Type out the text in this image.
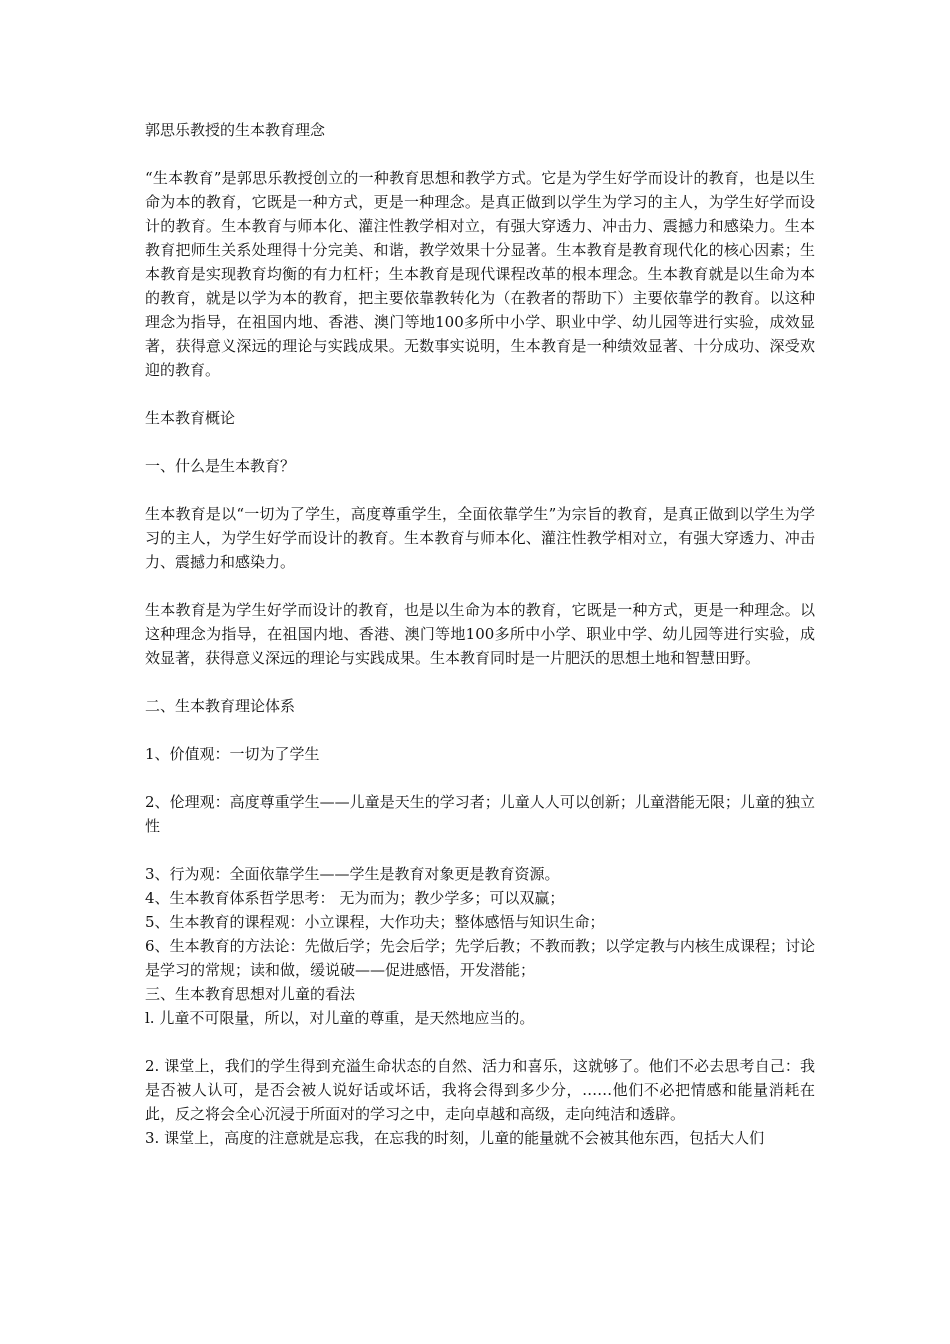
郭思乐教授的生本教育理念

“生本教育”是郭思乐教授创立的一种教育思想和教学方式。它是为学生好学而设计的教育，也是以生命为本的教育，它既是一种方式，更是一种理念。是真正做到以学生为学习的主人，为学生好学而设计的教育。生本教育与师本化、灌注性教学相对立，有强大穿透力、冲击力、震撼力和感染力。生本教育把师生关系处理得十分完美、和谐，教学效果十分显著。生本教育是教育现代化的核心因素；生本教育是实现教育均衡的有力杠杆；生本教育是现代课程改革的根本理念。生本教育就是以生命为本的教育，就是以学为本的教育，把主要依靠教转化为（在教者的帮助下）主要依靠学的教育。以这种理念为指导，在祖国内地、香港、澳门等地100多所中小学、职业中学、幼儿园等进行实验，成效显著，获得意义深远的理论与实践成果。无数事实说明，生本教育是一种绩效显著、十分成功、深受欢迎的教育。

生本教育概论

一、什么是生本教育？

生本教育是以“一切为了学生，高度尊重学生，全面依靠学生”为宗旨的教育，是真正做到以学生为学习的主人，为学生好学而设计的教育。生本教育与师本化、灌注性教学相对立，有强大穿透力、冲击力、震撼力和感染力。

生本教育是为学生好学而设计的教育，也是以生命为本的教育，它既是一种方式，更是一种理念。以这种理念为指导，在祖国内地、香港、澳门等地100多所中小学、职业中学、幼儿园等进行实验，成效显著，获得意义深远的理论与实践成果。生本教育同时是一片肥沃的思想土地和智慧田野。

二、生本教育理论体系

1、价值观：一切为了学生

2、伦理观：高度尊重学生——儿童是天生的学习者；儿童人人可以创新；儿童潜能无限；儿童的独立性

3、行为观：全面依靠学生——学生是教育对象更是教育资源。

4、生本教育体系哲学思考： 无为而为；教少学多；可以双赢；

5、生本教育的课程观：小立课程，大作功夫；整体感悟与知识生命；

6、生本教育的方法论：先做后学；先会后学；先学后教；不教而教；以学定教与内核生成课程；讨论是学习的常规；读和做，缓说破——促进感悟，开发潜能；

三、生本教育思想对儿童的看法

l. 儿童不可限量，所以，对儿童的尊重，是天然地应当的。

2. 课堂上，我们的学生得到充溢生命状态的自然、活力和喜乐，这就够了。他们不必去思考自己：我是否被人认可，是否会被人说好话或坏话，我将会得到多少分，……他们不必把情感和能量消耗在此，反之将会全心沉浸于所面对的学习之中，走向卓越和高级，走向纯洁和透辟。

3. 课堂上，高度的注意就是忘我，在忘我的时刻，儿童的能量就不会被其他东西，包括大人们
